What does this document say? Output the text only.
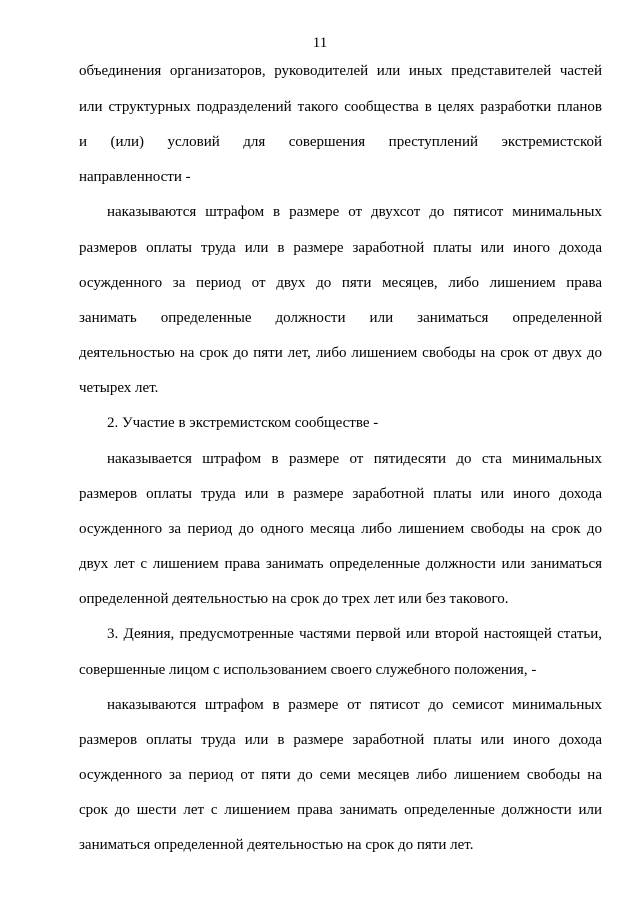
11
объединения организаторов, руководителей или иных представителей частей
или структурных подразделений такого сообщества в целях разработки планов
и (или) условий для совершения преступлений экстремистской
направленности -
наказываются штрафом в размере от двухсот до пятисот минимальных
размеров оплаты труда или в размере заработной платы или иного дохода
осужденного за период от двух до пяти месяцев, либо лишением права
занимать определенные должности или заниматься определенной
деятельностью на срок до пяти лет, либо лишением свободы на срок от двух до
четырех лет.
2. Участие в экстремистском сообществе -
наказывается штрафом в размере от пятидесяти до ста минимальных
размеров оплаты труда или в размере заработной платы или иного дохода
осужденного за период до одного месяца либо лишением свободы на срок до
двух лет с лишением права занимать определенные должности или заниматься
определенной деятельностью на срок до трех лет или без такового.
3. Деяния, предусмотренные частями первой или второй настоящей статьи,
совершенные лицом с использованием своего служебного положения, -
наказываются штрафом в размере от пятисот до семисот минимальных
размеров оплаты труда или в размере заработной платы или иного дохода
осужденного за период от пяти до семи месяцев либо лишением свободы на
срок до шести лет с лишением права занимать определенные должности или
заниматься определенной деятельностью на срок до пяти лет.
